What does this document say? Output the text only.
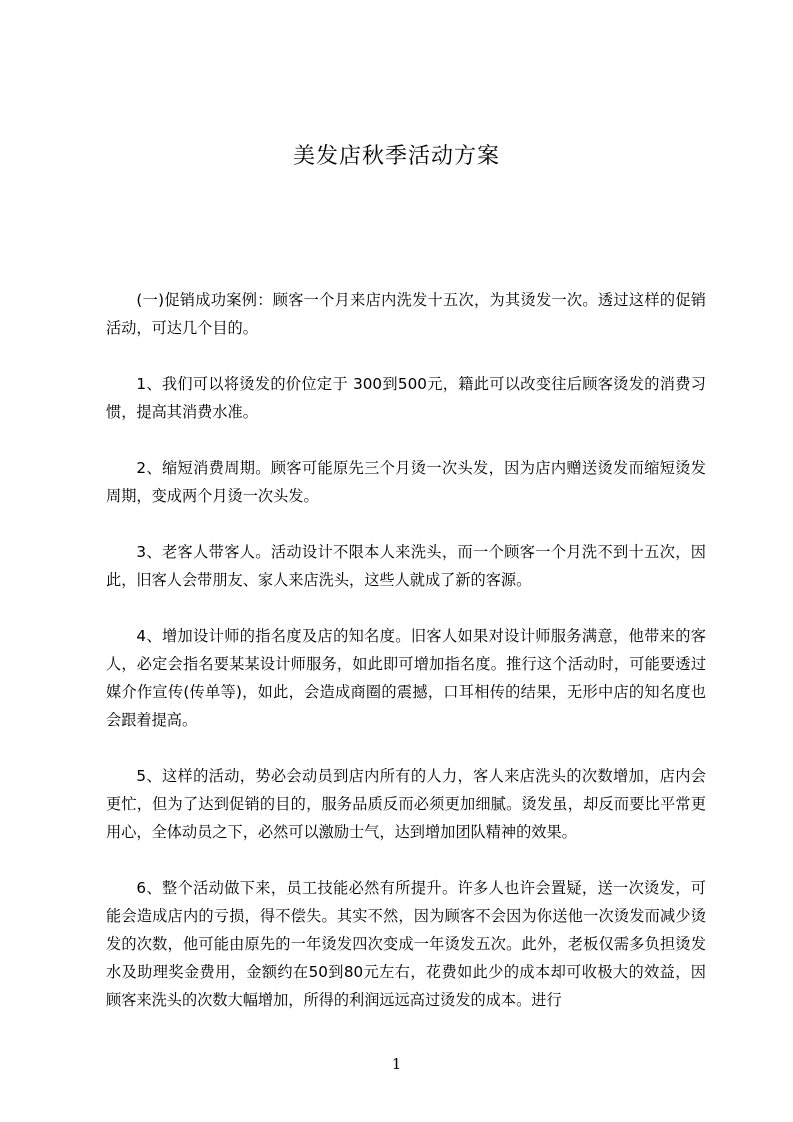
美发店秋季活动方案

(一)促销成功案例：顾客一个月来店内洗发十五次，为其烫发一次。透过这样的促销活动，可达几个目的。

1、我们可以将烫发的价位定于 300到500元，籍此可以改变往后顾客烫发的消费习惯，提高其消费水准。

2、缩短消费周期。顾客可能原先三个月烫一次头发，因为店内赠送烫发而缩短烫发周期，变成两个月烫一次头发。

3、老客人带客人。活动设计不限本人来洗头，而一个顾客一个月洗不到十五次，因此，旧客人会带朋友、家人来店洗头，这些人就成了新的客源。

4、增加设计师的指名度及店的知名度。旧客人如果对设计师服务满意，他带来的客人，必定会指名要某某设计师服务，如此即可增加指名度。推行这个活动时，可能要透过媒介作宣传(传单等)，如此，会造成商圈的震撼，口耳相传的结果，无形中店的知名度也会跟着提高。

5、这样的活动，势必会动员到店内所有的人力，客人来店洗头的次数增加，店内会更忙，但为了达到促销的目的，服务品质反而必须更加细腻。烫发虽，却反而要比平常更用心，全体动员之下，必然可以激励士气，达到增加团队精神的效果。

6、整个活动做下来，员工技能必然有所提升。许多人也许会置疑，送一次烫发，可能会造成店内的亏损，得不偿失。其实不然，因为顾客不会因为你送他一次烫发而减少烫发的次数，他可能由原先的一年烫发四次变成一年烫发五次。此外，老板仅需多负担烫发水及助理奖金费用，金额约在50到80元左右，花费如此少的成本却可收极大的效益，因顾客来洗头的次数大幅增加，所得的利润远远高过烫发的成本。进行

1
